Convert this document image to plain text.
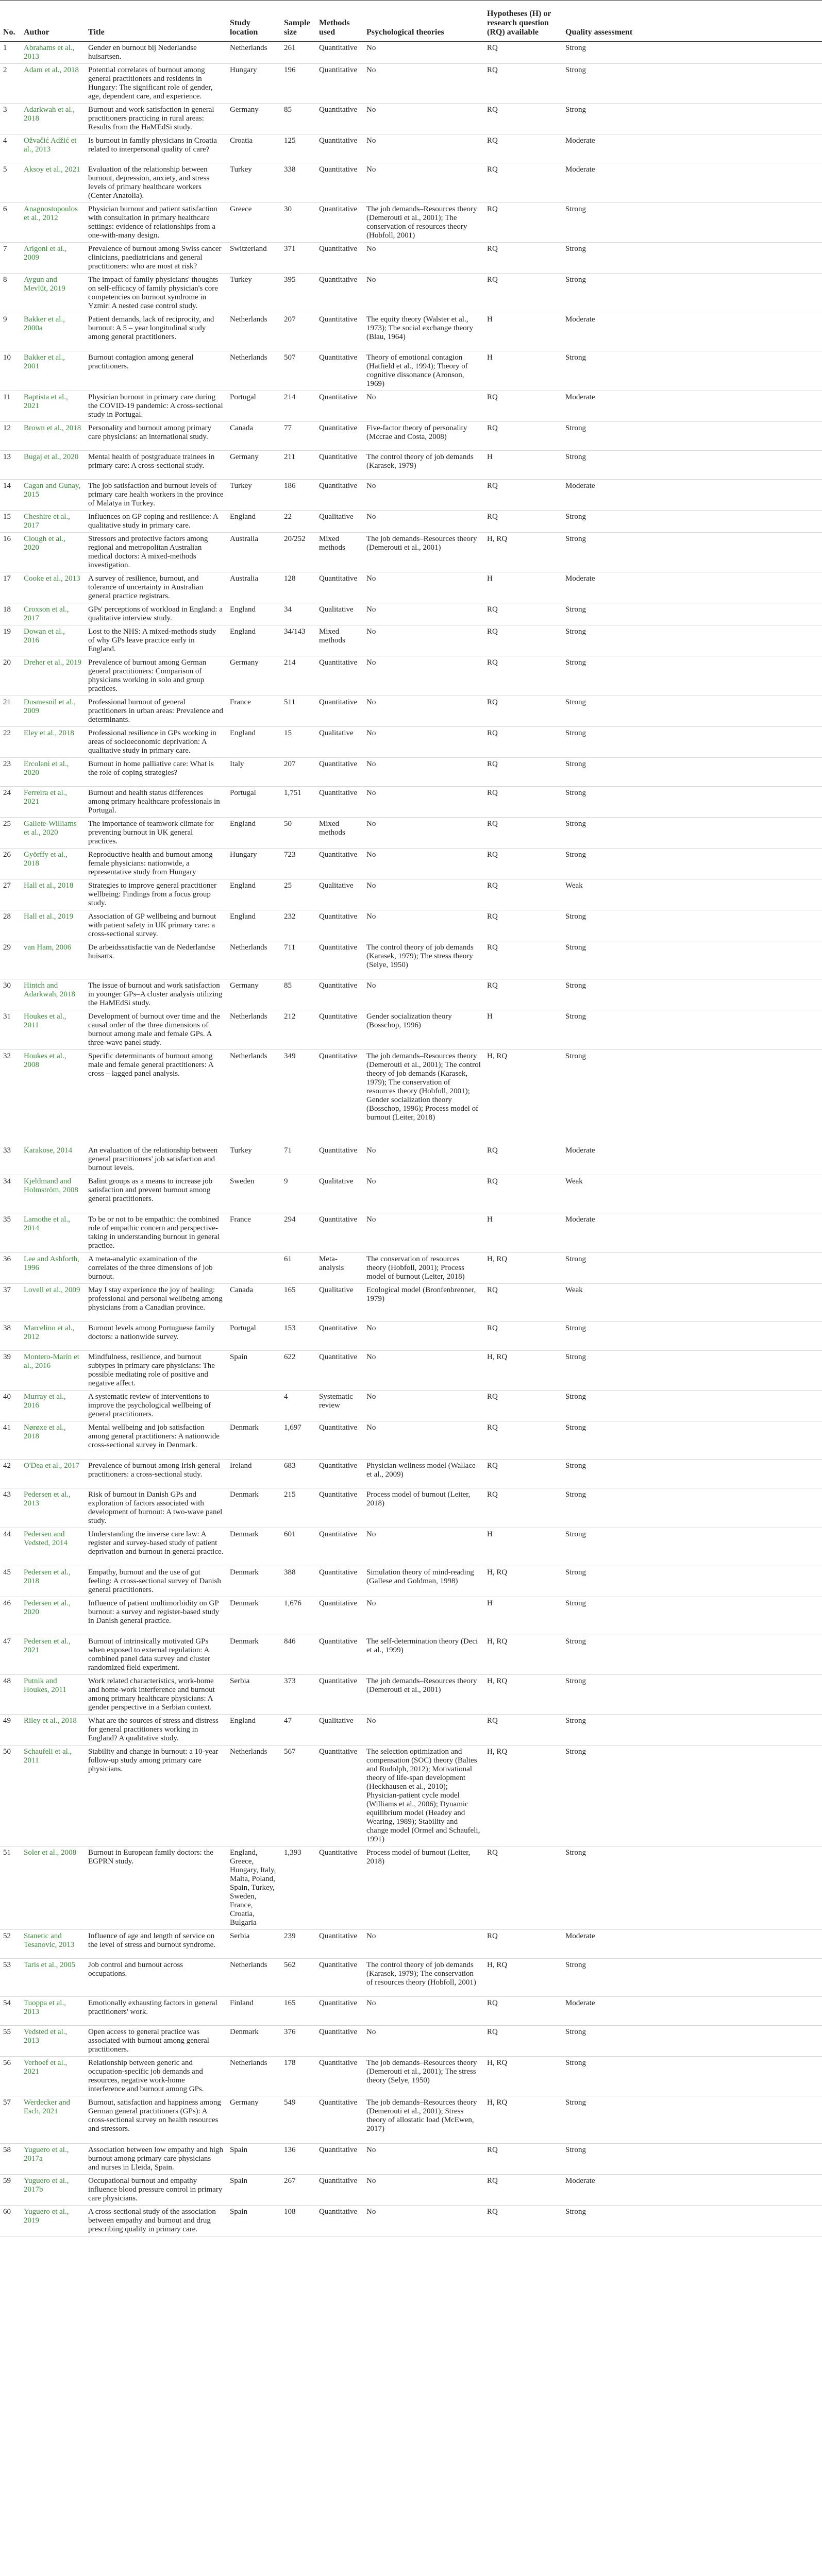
No.	Author	Title	Study location	Sample size	Methods used	Psychological theories	Hypotheses (H) or research question (RQ) available	Quality assessment
1	Abrahams et al., 2013	Gender en burnout bij Nederlandse huisartsen.	Netherlands	261	Quantitative	No	RQ	Strong
2	Adam et al., 2018	Potential correlates of burnout among general practitioners and residents in Hungary: The significant role of gender, age, dependent care, and experience.	Hungary	196	Quantitative	No	RQ	Strong
3	Adarkwah et al., 2018	Burnout and work satisfaction in general practitioners practicing in rural areas: Results from the HaMEdSi study.	Germany	85	Quantitative	No	RQ	Strong
4	Ožvačić Adžić et al., 2013	Is burnout in family physicians in Croatia related to interpersonal quality of care?	Croatia	125	Quantitative	No	RQ	Moderate
5	Aksoy et al., 2021	Evaluation of the relationship between burnout, depression, anxiety, and stress levels of primary healthcare workers (Center Anatolia).	Turkey	338	Quantitative	No	RQ	Moderate
6	Anagnostopoulos et al., 2012	Physician burnout and patient satisfaction with consultation in primary healthcare settings: evidence of relationships from a one-with-many design.	Greece	30	Quantitative	The job demands–Resources theory (Demerouti et al., 2001); The conservation of resources theory (Hobfoll, 2001)	RQ	Strong
7	Arigoni et al., 2009	Prevalence of burnout among Swiss cancer clinicians, paediatricians and general practitioners: who are most at risk?	Switzerland	371	Quantitative	No	RQ	Strong
8	Aygun and Mevlüt, 2019	The impact of family physicians' thoughts on self-efficacy of family physician's core competencies on burnout syndrome in Yzmir: A nested case control study.	Turkey	395	Quantitative	No	RQ	Strong
9	Bakker et al., 2000a	Patient demands, lack of reciprocity, and burnout: A 5 – year longitudinal study among general practitioners.	Netherlands	207	Quantitative	The equity theory (Walster et al., 1973); The social exchange theory (Blau, 1964)	H	Moderate
10	Bakker et al., 2001	Burnout contagion among general practitioners.	Netherlands	507	Quantitative	Theory of emotional contagion (Hatfield et al., 1994); Theory of cognitive dissonance (Aronson, 1969)	H	Strong
11	Baptista et al., 2021	Physician burnout in primary care during the COVID-19 pandemic: A cross-sectional study in Portugal.	Portugal	214	Quantitative	No	RQ	Moderate
12	Brown et al., 2018	Personality and burnout among primary care physicians: an international study.	Canada	77	Quantitative	Five-factor theory of personality (Mccrae and Costa, 2008)	RQ	Strong
13	Bugaj et al., 2020	Mental health of postgraduate trainees in primary care: A cross-sectional study.	Germany	211	Quantitative	The control theory of job demands (Karasek, 1979)	H	Strong
14	Cagan and Gunay, 2015	The job satisfaction and burnout levels of primary care health workers in the province of Malatya in Turkey.	Turkey	186	Quantitative	No	RQ	Moderate
15	Cheshire et al., 2017	Influences on GP coping and resilience: A qualitative study in primary care.	England	22	Qualitative	No	RQ	Strong
16	Clough et al., 2020	Stressors and protective factors among regional and metropolitan Australian medical doctors: A mixed-methods investigation.	Australia	20/252	Mixed methods	The job demands–Resources theory (Demerouti et al., 2001)	H, RQ	Strong
17	Cooke et al., 2013	A survey of resilience, burnout, and tolerance of uncertainty in Australian general practice registrars.	Australia	128	Quantitative	No	H	Moderate
18	Croxson et al., 2017	GPs' perceptions of workload in England: a qualitative interview study.	England	34	Qualitative	No	RQ	Strong
19	Dowan et al., 2016	Lost to the NHS: A mixed-methods study of why GPs leave practice early in England.	England	34/143	Mixed methods	No	RQ	Strong
20	Dreher et al., 2019	Prevalence of burnout among German general practitioners: Comparison of physicians working in solo and group practices.	Germany	214	Quantitative	No	RQ	Strong
21	Dusmesnil et al., 2009	Professional burnout of general practitioners in urban areas: Prevalence and determinants.	France	511	Quantitative	No	RQ	Strong
22	Eley et al., 2018	Professional resilience in GPs working in areas of socioeconomic deprivation: A qualitative study in primary care.	England	15	Qualitative	No	RQ	Strong
23	Ercolani et al., 2020	Burnout in home palliative care: What is the role of coping strategies?	Italy	207	Quantitative	No	RQ	Strong
24	Ferreira et al., 2021	Burnout and health status differences among primary healthcare professionals in Portugal.	Portugal	1,751	Quantitative	No	RQ	Strong
25	Gallete-Williams et al., 2020	The importance of teamwork climate for preventing burnout in UK general practices.	England	50	Mixed methods	No	RQ	Strong
26	Györffy et al., 2018	Reproductive health and burnout among female physicians: nationwide, a representative study from Hungary	Hungary	723	Quantitative	No	RQ	Strong
27	Hall et al., 2018	Strategies to improve general practitioner wellbeing: Findings from a focus group study.	England	25	Qualitative	No	RQ	Weak
28	Hall et al., 2019	Association of GP wellbeing and burnout with patient safety in UK primary care: a cross-sectional survey.	England	232	Quantitative	No	RQ	Strong
29	van Ham, 2006	De arbeidssatisfactie van de Nederlandse huisarts.	Netherlands	711	Quantitative	The control theory of job demands (Karasek, 1979); The stress theory (Selye, 1950)	RQ	Strong
30	Hintch and Adarkwah, 2018	The issue of burnout and work satisfaction in younger GPs–A cluster analysis utilizing the HaMEdSi study.	Germany	85	Quantitative	No	RQ	Strong
31	Houkes et al., 2011	Development of burnout over time and the causal order of the three dimensions of burnout among male and female GPs. A three-wave panel study.	Netherlands	212	Quantitative	Gender socialization theory (Bosschop, 1996)	H	Strong
32	Houkes et al., 2008	Specific determinants of burnout among male and female general practitioners: A cross – lagged panel analysis.	Netherlands	349	Quantitative	The job demands–Resources theory (Demerouti et al., 2001); The control theory of job demands (Karasek, 1979); The conservation of resources theory (Hobfoll, 2001); Gender socialization theory (Bosschop, 1996); Process model of burnout (Leiter, 2018)	H, RQ	Strong
33	Karakose, 2014	An evaluation of the relationship between general practitioners' job satisfaction and burnout levels.	Turkey	71	Quantitative	No	RQ	Moderate
34	Kjeldmand and Holmström, 2008	Balint groups as a means to increase job satisfaction and prevent burnout among general practitioners.	Sweden	9	Qualitative	No	RQ	Weak
35	Lamothe et al., 2014	To be or not to be empathic: the combined role of empathic concern and perspective-taking in understanding burnout in general practice.	France	294	Quantitative	No	H	Moderate
36	Lee and Ashforth, 1996	A meta-analytic examination of the correlates of the three dimensions of job burnout.		61	Meta-analysis	The conservation of resources theory (Hobfoll, 2001); Process model of burnout (Leiter, 2018)	H, RQ	Strong
37	Lovell et al., 2009	May I stay experience the joy of healing: professional and personal wellbeing among physicians from a Canadian province.	Canada	165	Qualitative	Ecological model (Bronfenbrenner, 1979)	RQ	Weak
38	Marcelino et al., 2012	Burnout levels among Portuguese family doctors: a nationwide survey.	Portugal	153	Quantitative	No	RQ	Strong
39	Montero-Marín et al., 2016	Mindfulness, resilience, and burnout subtypes in primary care physicians: The possible mediating role of positive and negative affect.	Spain	622	Quantitative	No	H, RQ	Strong
40	Murray et al., 2016	A systematic review of interventions to improve the psychological wellbeing of general practitioners.		4	Systematic review	No	RQ	Strong
41	Nørøxe et al., 2018	Mental wellbeing and job satisfaction among general practitioners: A nationwide cross-sectional survey in Denmark.	Denmark	1,697	Quantitative	No	RQ	Strong
42	O'Dea et al., 2017	Prevalence of burnout among Irish general practitioners: a cross-sectional study.	Ireland	683	Quantitative	Physician wellness model (Wallace et al., 2009)	RQ	Strong
43	Pedersen et al., 2013	Risk of burnout in Danish GPs and exploration of factors associated with development of burnout: A two-wave panel study.	Denmark	215	Quantitative	Process model of burnout (Leiter, 2018)	RQ	Strong
44	Pedersen and Vedsted, 2014	Understanding the inverse care law: A register and survey-based study of patient deprivation and burnout in general practice.	Denmark	601	Quantitative	No	H	Strong
45	Pedersen et al., 2018	Empathy, burnout and the use of gut feeling: A cross-sectional survey of Danish general practitioners.	Denmark	388	Quantitative	Simulation theory of mind-reading (Gallese and Goldman, 1998)	H, RQ	Strong
46	Pedersen et al., 2020	Influence of patient multimorbidity on GP burnout: a survey and register-based study in Danish general practice.	Denmark	1,676	Quantitative	No	H	Strong
47	Pedersen et al., 2021	Burnout of intrinsically motivated GPs when exposed to external regulation: A combined panel data survey and cluster randomized field experiment.	Denmark	846	Quantitative	The self-determination theory (Deci et al., 1999)	H, RQ	Strong
48	Putnik and Houkes, 2011	Work related characteristics, work-home and home-work interference and burnout among primary healthcare physicians: A gender perspective in a Serbian context.	Serbia	373	Quantitative	The job demands–Resources theory (Demerouti et al., 2001)	H, RQ	Strong
49	Riley et al., 2018	What are the sources of stress and distress for general practitioners working in England? A qualitative study.	England	47	Qualitative	No	RQ	Strong
50	Schaufeli et al., 2011	Stability and change in burnout: a 10-year follow-up study among primary care physicians.	Netherlands	567	Quantitative	The selection optimization and compensation (SOC) theory (Baltes and Rudolph, 2012); Motivational theory of life-span development (Heckhausen et al., 2010); Physician-patient cycle model (Williams et al., 2006); Dynamic equilibrium model (Headey and Wearing, 1989); Stability and change model (Ormel and Schaufeli, 1991)	H, RQ	Strong
51	Soler et al., 2008	Burnout in European family doctors: the EGPRN study.	England, Greece, Hungary, Italy, Malta, Poland, Spain, Turkey, Sweden, France, Croatia, Bulgaria	1,393	Quantitative	Process model of burnout (Leiter, 2018)	RQ	Strong
52	Stanetic and Tesanovic, 2013	Influence of age and length of service on the level of stress and burnout syndrome.	Serbia	239	Quantitative	No	RQ	Moderate
53	Taris et al., 2005	Job control and burnout across occupations.	Netherlands	562	Quantitative	The control theory of job demands (Karasek, 1979); The conservation of resources theory (Hobfoll, 2001)	H, RQ	Strong
54	Tuoppa et al., 2013	Emotionally exhausting factors in general practitioners' work.	Finland	165	Quantitative	No	RQ	Moderate
55	Vedsted et al., 2013	Open access to general practice was associated with burnout among general practitioners.	Denmark	376	Quantitative	No	RQ	Strong
56	Verhoef et al., 2021	Relationship between generic and occupation-specific job demands and resources, negative work-home interference and burnout among GPs.	Netherlands	178	Quantitative	The job demands–Resources theory (Demerouti et al., 2001); The stress theory (Selye, 1950)	H, RQ	Strong
57	Werdecker and Esch, 2021	Burnout, satisfaction and happiness among German general practitioners (GPs): A cross-sectional survey on health resources and stressors.	Germany	549	Quantitative	The job demands–Resources theory (Demerouti et al., 2001); Stress theory of allostatic load (McEwen, 2017)	H, RQ	Strong
58	Yuguero et al., 2017a	Association between low empathy and high burnout among primary care physicians and nurses in Lleida, Spain.	Spain	136	Quantitative	No	RQ	Strong
59	Yuguero et al., 2017b	Occupational burnout and empathy influence blood pressure control in primary care physicians.	Spain	267	Quantitative	No	RQ	Moderate
60	Yuguero et al., 2019	A cross-sectional study of the association between empathy and burnout and drug prescribing quality in primary care.	Spain	108	Quantitative	No	RQ	Strong
